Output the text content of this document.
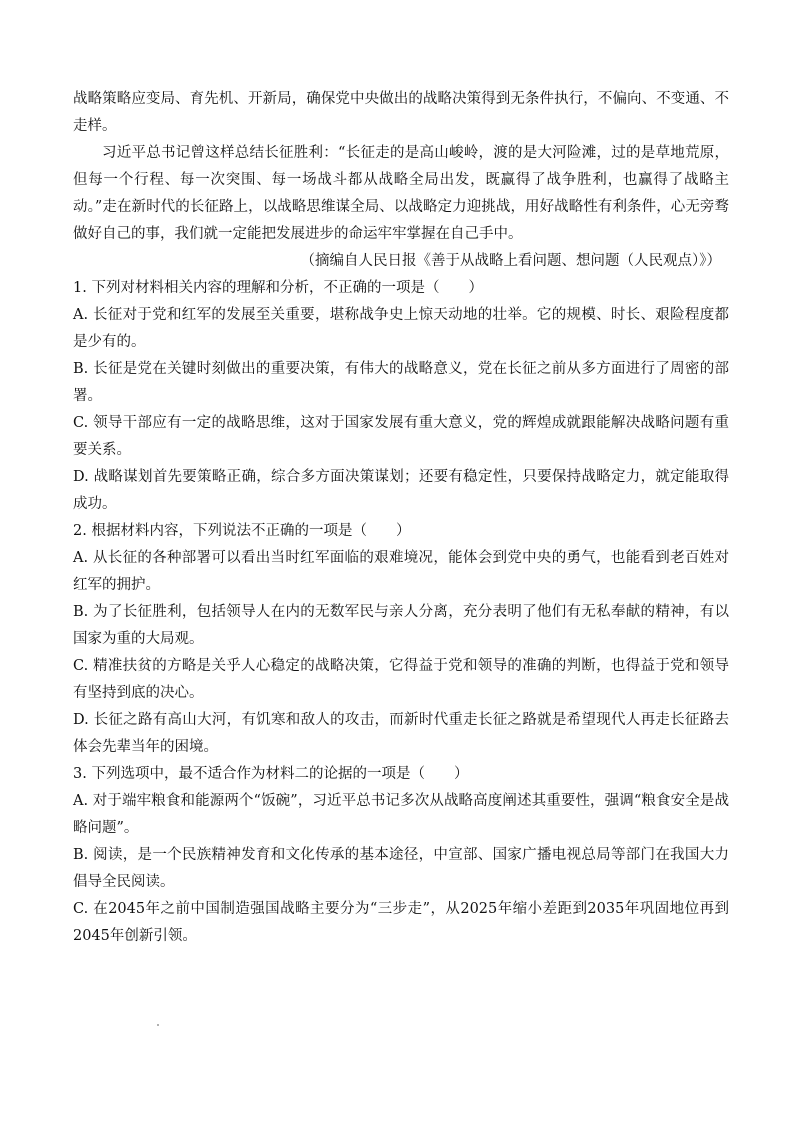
战略策略应变局、育先机、开新局，确保党中央做出的战略决策得到无条件执行，不偏向、不变通、不走样。

习近平总书记曾这样总结长征胜利：“长征走的是高山峻岭，渡的是大河险滩，过的是草地荒原，但每一个行程、每一次突围、每一场战斗都从战略全局出发，既赢得了战争胜利，也赢得了战略主动。”走在新时代的长征路上，以战略思维谋全局、以战略定力迎挑战，用好战略性有利条件，心无旁骛做好自己的事，我们就一定能把发展进步的命运牢牢掌握在自己手中。

（摘编自人民日报《善于从战略上看问题、想问题（人民观点）》）

1. 下列对材料相关内容的理解和分析，不正确的一项是（　　）

A. 长征对于党和红军的发展至关重要，堪称战争史上惊天动地的壮举。它的规模、时长、艰险程度都是少有的。

B. 长征是党在关键时刻做出的重要决策，有伟大的战略意义，党在长征之前从多方面进行了周密的部署。

C. 领导干部应有一定的战略思维，这对于国家发展有重大意义，党的辉煌成就跟能解决战略问题有重要关系。

D. 战略谋划首先要策略正确，综合多方面决策谋划；还要有稳定性，只要保持战略定力，就定能取得成功。

2. 根据材料内容，下列说法不正确的一项是（　　）

A. 从长征的各种部署可以看出当时红军面临的艰难境况，能体会到党中央的勇气，也能看到老百姓对红军的拥护。

B. 为了长征胜利，包括领导人在内的无数军民与亲人分离，充分表明了他们有无私奉献的精神，有以国家为重的大局观。

C. 精准扶贫的方略是关乎人心稳定的战略决策，它得益于党和领导的准确的判断，也得益于党和领导有坚持到底的决心。

D. 长征之路有高山大河，有饥寒和敌人的攻击，而新时代重走长征之路就是希望现代人再走长征路去体会先辈当年的困境。

3. 下列选项中，最不适合作为材料二的论据的一项是（　　）

A. 对于端牢粮食和能源两个“饭碗”，习近平总书记多次从战略高度阐述其重要性，强调“粮食安全是战略问题”。

B. 阅读，是一个民族精神发育和文化传承的基本途径，中宣部、国家广播电视总局等部门在我国大力倡导全民阅读。

C. 在2045年之前中国制造强国战略主要分为“三步走”，从2025年缩小差距到2035年巩固地位再到2045年创新引领。
